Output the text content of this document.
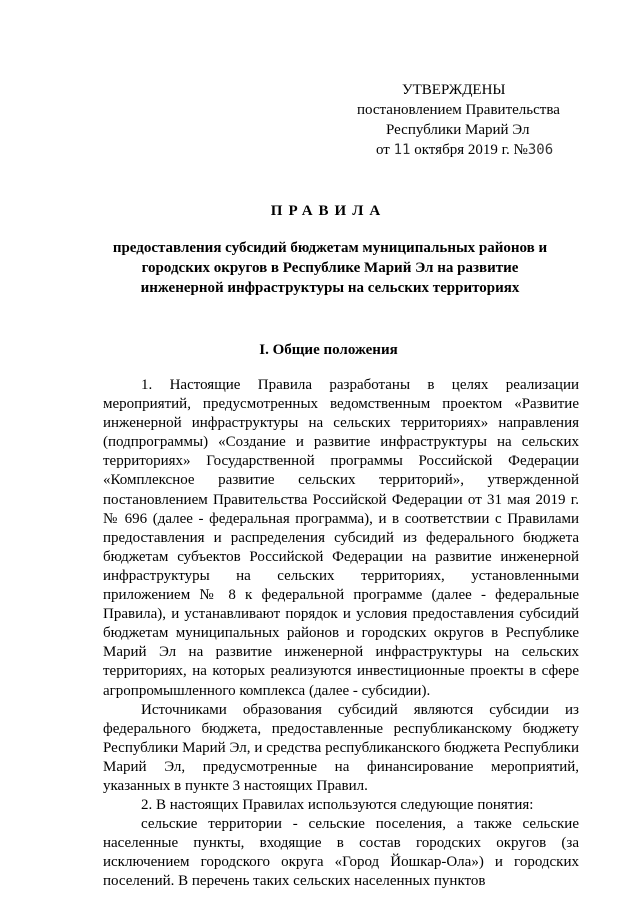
УТВЕРЖДЕНЫ
постановлением Правительства
Республики Марий Эл
от 11 октября 2019 г. №306
ПРАВИЛА
предоставления субсидий бюджетам муниципальных районов и городских округов в Республике Марий Эл на развитие инженерной инфраструктуры на сельских территориях
I. Общие положения

1. Настоящие Правила разработаны в целях реализации мероприятий, предусмотренных ведомственным проектом «Развитие инженерной инфраструктуры на сельских территориях» направления (подпрограммы) «Создание и развитие инфраструктуры на сельских территориях» Государственной программы Российской Федерации «Комплексное развитие сельских территорий», утвержденной постановлением Правительства Российской Федерации от 31 мая 2019 г. № 696 (далее - федеральная программа), и в соответствии с Правилами предоставления и распределения субсидий из федерального бюджета бюджетам субъектов Российской Федерации на развитие инженерной инфраструктуры на сельских территориях, установленными приложением № 8 к федеральной программе (далее - федеральные Правила), и устанавливают порядок и условия предоставления субсидий бюджетам муниципальных районов и городских округов в Республике Марий Эл на развитие инженерной инфраструктуры на сельских территориях, на которых реализуются инвестиционные проекты в сфере агропромышленного комплекса (далее - субсидии).

Источниками образования субсидий являются субсидии из федерального бюджета, предоставленные республиканскому бюджету Республики Марий Эл, и средства республиканского бюджета Республики Марий Эл, предусмотренные на финансирование мероприятий, указанных в пункте 3 настоящих Правил.

2. В настоящих Правилах используются следующие понятия:

сельские территории - сельские поселения, а также сельские населенные пункты, входящие в состав городских округов (за исключением городского округа «Город Йошкар-Ола») и городских поселений. В перечень таких сельских населенных пунктов
